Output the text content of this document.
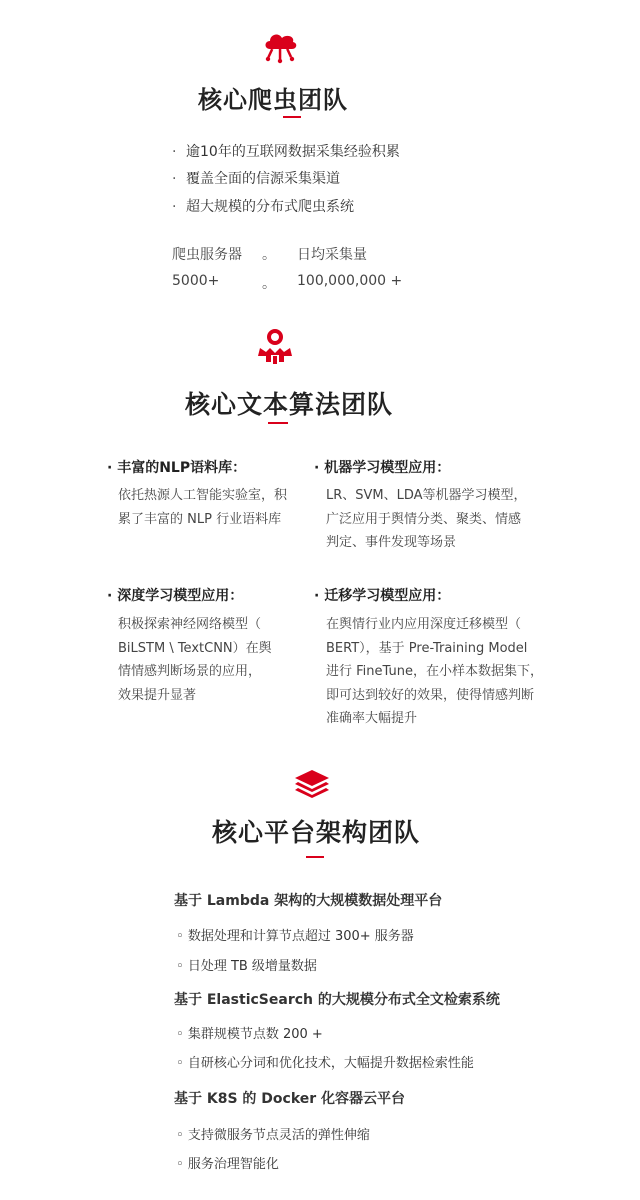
核心爬虫团队
· 逾10年的互联网数据采集经验积累
· 覆盖全面的信源采集渠道
· 超大规模的分布式爬虫系统
爬虫服务器 。 日均采集量
5000+	。 100,000,000 +
核心文本算法团队
· 丰富的NLP语料库：
依托热源人工智能实验室，积
累了丰富的 NLP 行业语料库
· 机器学习模型应用：
LR、SVM、LDA等机器学习模型，
广泛应用于舆情分类、聚类、情感
判定、事件发现等场景
· 深度学习模型应用：
积极探索神经网络模型（
BiLSTM \ TextCNN）在舆
情情感判断场景的应用，
效果提升显著
· 迁移学习模型应用：
在舆情行业内应用深度迁移模型（
BERT），基于 Pre-Training Model
进行 FineTune，在小样本数据集下，
即可达到较好的效果，使得情感判断
准确率大幅提升
核心平台架构团队
基于 Lambda 架构的大规模数据处理平台
◦ 数据处理和计算节点超过 300+ 服务器
◦ 日处理 TB 级增量数据
基于 ElasticSearch 的大规模分布式全文检索系统
◦ 集群规模节点数 200 +
◦ 自研核心分词和优化技术，大幅提升数据检索性能
基于 K8S 的 Docker 化容器云平台
◦ 支持微服务节点灵活的弹性伸缩
◦ 服务治理智能化
